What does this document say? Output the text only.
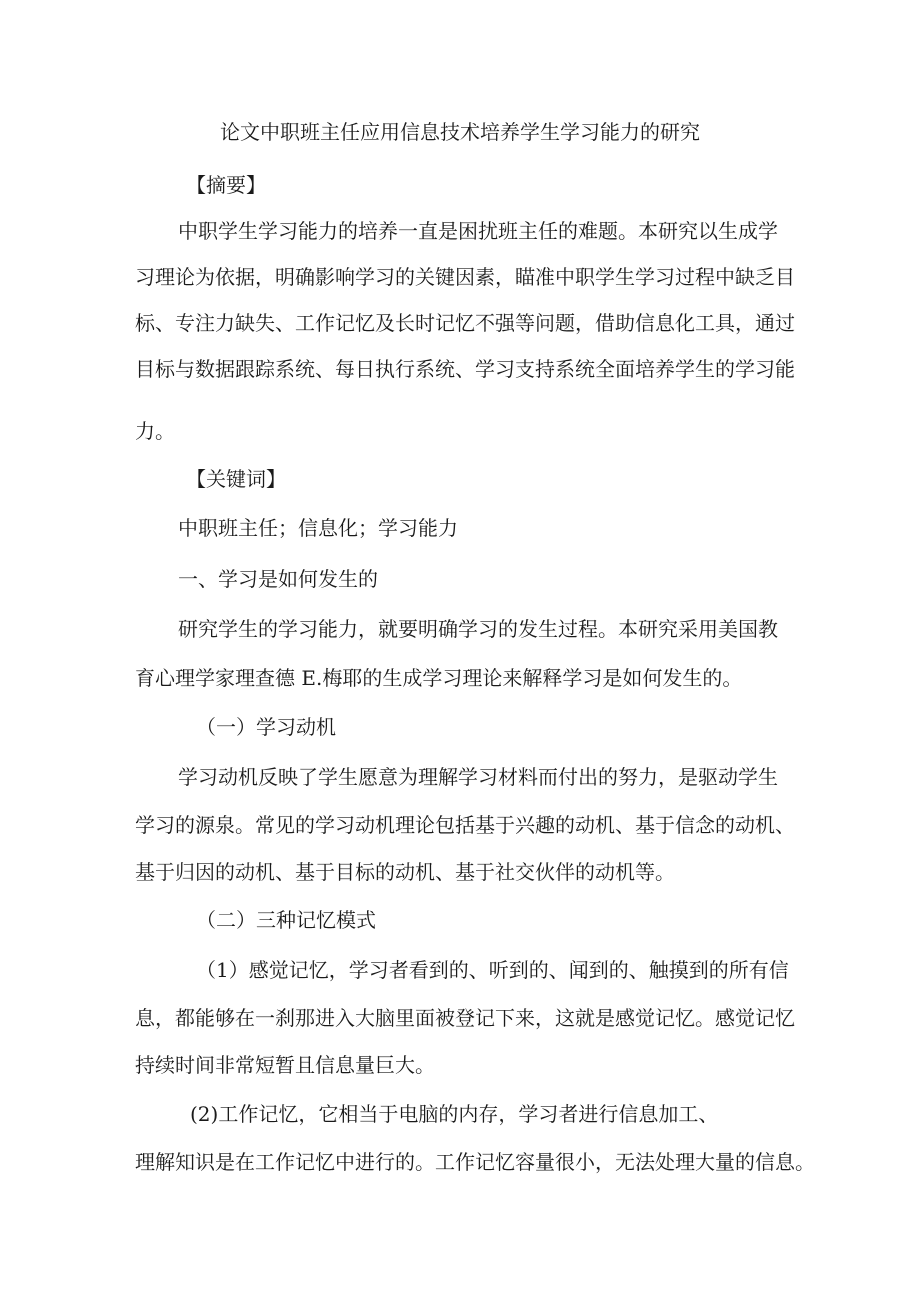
论文中职班主任应用信息技术培养学生学习能力的研究

【摘要】

中职学生学习能力的培养一直是困扰班主任的难题。本研究以生成学

习理论为依据，明确影响学习的关键因素，瞄准中职学生学习过程中缺乏目

标、专注力缺失、工作记忆及长时记忆不强等问题，借助信息化工具，通过

目标与数据跟踪系统、每日执行系统、学习支持系统全面培养学生的学习能

力。

【关键词】

中职班主任；信息化；学习能力

一、学习是如何发生的

研究学生的学习能力，就要明确学习的发生过程。本研究采用美国教

育心理学家理查德 E.梅耶的生成学习理论来解释学习是如何发生的。

（一）学习动机

学习动机反映了学生愿意为理解学习材料而付出的努力，是驱动学生

学习的源泉。常见的学习动机理论包括基于兴趣的动机、基于信念的动机、

基于归因的动机、基于目标的动机、基于社交伙伴的动机等。

（二）三种记忆模式

（1）感觉记忆，学习者看到的、听到的、闻到的、触摸到的所有信

息，都能够在一刹那进入大脑里面被登记下来，这就是感觉记忆。感觉记忆

持续时间非常短暂且信息量巨大。

(2)工作记忆，它相当于电脑的内存，学习者进行信息加工、

理解知识是在工作记忆中进行的。工作记忆容量很小，无法处理大量的信息。
